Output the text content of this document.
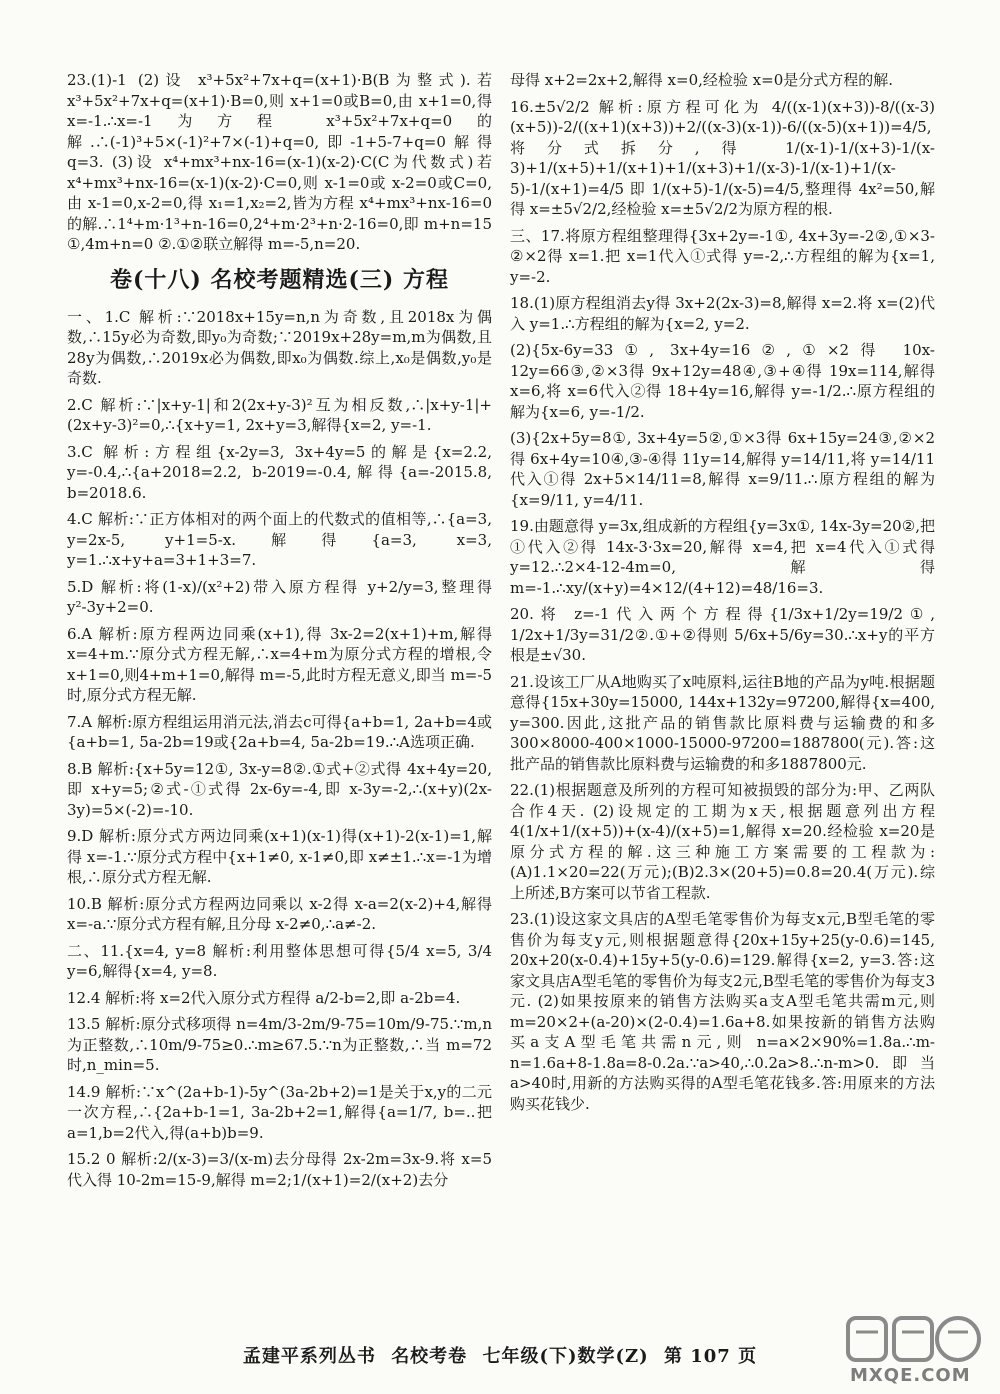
23.(1)-1 (2)设 x³+5x²+7x+q=(x+1)·B(B为整式).若 x³+5x²+7x+q=(x+1)·B=0,则 x+1=0或B=0,由 x+1=0,得 x=-1.∴x=-1为方程 x³+5x²+7x+q=0的解.∴(-1)³+5×(-1)²+7×(-1)+q=0,即-1+5-7+q=0解得 q=3. (3)设 x⁴+mx³+nx-16=(x-1)(x-2)·C(C为代数式)若 x⁴+mx³+nx-16=(x-1)(x-2)·C=0,则 x-1=0或 x-2=0或C=0,由 x-1=0,x-2=0,得 x₁=1,x₂=2,皆为方程 x⁴+mx³+nx-16=0的解.∴1⁴+m·1³+n-16=0,2⁴+m·2³+n·2-16=0,即 m+n=15 ①,4m+n=0 ②.①②联立解得 m=-5,n=20.

卷(十八) 名校考题精选(三) 方程

一、1.C 解析:∵2018x+15y=n,n为奇数,且2018x为偶数,∴15y必为奇数,即y₀为奇数;∵2019x+28y=m,m为偶数,且28y为偶数,∴2019x必为偶数,即x₀为偶数.综上,x₀是偶数,y₀是奇数.

2.C 解析:∵|x+y-1|和2(2x+y-3)²互为相反数,∴|x+y-1|+(2x+y-3)²=0,∴{x+y=1, 2x+y=3,解得{x=2, y=-1.

3.C 解析:方程组{x-2y=3, 3x+4y=5的解是{x=2.2, y=-0.4,∴{a+2018=2.2, b-2019=-0.4,解得{a=-2015.8, b=2018.6.

4.C 解析:∵正方体相对的两个面上的代数式的值相等,∴{a=3, y=2x-5, y+1=5-x.解得{a=3, x=3, y=1.∴x+y+a=3+1+3=7.

5.D 解析:将(1-x)/(x²+2)带入原方程得 y+2/y=3,整理得 y²-3y+2=0.

6.A 解析:原方程两边同乘(x+1),得 3x-2=2(x+1)+m,解得 x=4+m.∵原分式方程无解,∴x=4+m为原分式方程的增根,令 x+1=0,则4+m+1=0,解得 m=-5,此时方程无意义,即当 m=-5时,原分式方程无解.

7.A 解析:原方程组运用消元法,消去c可得{a+b=1, 2a+b=4或{a+b=1, 5a-2b=19或{2a+b=4, 5a-2b=19.∴A选项正确.

8.B 解析:{x+5y=12①, 3x-y=8②.①式+②式得 4x+4y=20,即 x+y=5;②式-①式得 2x-6y=-4,即 x-3y=-2,∴(x+y)(2x-3y)=5×(-2)=-10.

9.D 解析:原分式方两边同乘(x+1)(x-1)得(x+1)-2(x-1)=1,解得 x=-1.∵原分式方程中{x+1≠0, x-1≠0,即 x≠±1.∴x=-1为增根,∴原分式方程无解.

10.B 解析:原分式方程两边同乘以 x-2得 x-a=2(x-2)+4,解得 x=-a.∵原分式方程有解,且分母 x-2≠0,∴a≠-2.

二、11.{x=4, y=8 解析:利用整体思想可得{5/4 x=5, 3/4 y=6,解得{x=4, y=8.

12.4 解析:将 x=2代入原分式方程得 a/2-b=2,即 a-2b=4.

13.5 解析:原分式移项得 n=4m/3-2m/9-75=10m/9-75.∵m,n为正整数,∴10m/9-75≥0.∴m≥67.5.∵n为正整数,∴当 m=72时,n_min=5.

14.9 解析:∵x^(2a+b-1)-5y^(3a-2b+2)=1是关于x,y的二元一次方程,∴{2a+b-1=1, 3a-2b+2=1,解得{a=1/7, b=..把 a=1,b=2代入,得(a+b)b=9.

15.2 0 解析:2/(x-3)=3/(x-m)去分母得 2x-2m=3x-9.将 x=5代入得 10-2m=15-9,解得 m=2;1/(x+1)=2/(x+2)去分

母得 x+2=2x+2,解得 x=0,经检验 x=0是分式方程的解.

16.±5√2/2 解析:原方程可化为 4/((x-1)(x+3))-8/((x-3)(x+5))-2/((x+1)(x+3))+2/((x-3)(x-1))-6/((x-5)(x+1))=4/5,将分式拆分,得 1/(x-1)-1/(x+3)-1/(x-3)+1/(x+5)+1/(x+1)+1/(x+3)+1/(x-3)-1/(x-1)+1/(x-5)-1/(x+1)=4/5 即 1/(x+5)-1/(x-5)=4/5,整理得 4x²=50,解得 x=±5√2/2,经检验 x=±5√2/2为原方程的根.

三、17.将原方程组整理得{3x+2y=-1①, 4x+3y=-2②,①×3-②×2得 x=1.把 x=1代入①式得 y=-2,∴方程组的解为{x=1, y=-2.

18.(1)原方程组消去y得 3x+2(2x-3)=8,解得 x=2.将 x=(2)代入 y=1.∴方程组的解为{x=2, y=2.

(2){5x-6y=33①, 3x+4y=16②,①×2得 10x-12y=66③,②×3得 9x+12y=48④,③+④得 19x=114,解得 x=6,将 x=6代入②得 18+4y=16,解得 y=-1/2.∴原方程组的解为{x=6, y=-1/2.

(3){2x+5y=8①, 3x+4y=5②,①×3得 6x+15y=24③,②×2得 6x+4y=10④,③-④得 11y=14,解得 y=14/11,将 y=14/11代入①得 2x+5×14/11=8,解得 x=9/11.∴原方程组的解为{x=9/11, y=4/11.

19.由题意得 y=3x,组成新的方程组{y=3x①, 14x-3y=20②,把①代入②得 14x-3·3x=20,解得 x=4,把 x=4代入①式得 y=12.∴2×4-12-4m=0,解得 m=-1.∴xy/(x+y)=4×12/(4+12)=48/16=3.

20.将 z=-1代入两个方程得{1/3x+1/2y=19/2①, 1/2x+1/3y=31/2②.①+②得则 5/6x+5/6y=30.∴x+y的平方根是±√30.

21.设该工厂从A地购买了x吨原料,运往B地的产品为y吨.根据题意得{15x+30y=15000, 144x+132y=97200,解得{x=400, y=300.因此,这批产品的销售款比原料费与运输费的和多 300×8000-400×1000-15000-97200=1887800(元).答:这批产品的销售款比原料费与运输费的和多1887800元.

22.(1)根据题意及所列的方程可知被损毁的部分为:甲、乙两队合作4天. (2)设规定的工期为x天,根据题意列出方程 4(1/x+1/(x+5))+(x-4)/(x+5)=1,解得 x=20.经检验 x=20是原分式方程的解.这三种施工方案需要的工程款为:(A)1.1×20=22(万元);(B)2.3×(20+5)=0.8=20.4(万元).综上所述,B方案可以节省工程款.

23.(1)设这家文具店的A型毛笔零售价为每支x元,B型毛笔的零售价为每支y元,则根据题意得{20x+15y+25(y-0.6)=145, 20x+20(x-0.4)+15y+5(y-0.6)=129.解得{x=2, y=3.答:这家文具店A型毛笔的零售价为每支2元,B型毛笔的零售价为每支3元. (2)如果按原来的销售方法购买a支A型毛笔共需m元,则 m=20×2+(a-20)×(2-0.4)=1.6a+8.如果按新的销售方法购买a支A型毛笔共需n元,则 n=a×2×90%=1.8a.∴m-n=1.6a+8-1.8a=8-0.2a.∵a>40,∴0.2a>8.∴n-m>0.即当a>40时,用新的方法购买得的A型毛笔花钱多.答:用原来的方法购买花钱少.

孟建平系列丛书 名校考卷 七年级(下)数学(Z) 第 107 页
MXQE.COM
